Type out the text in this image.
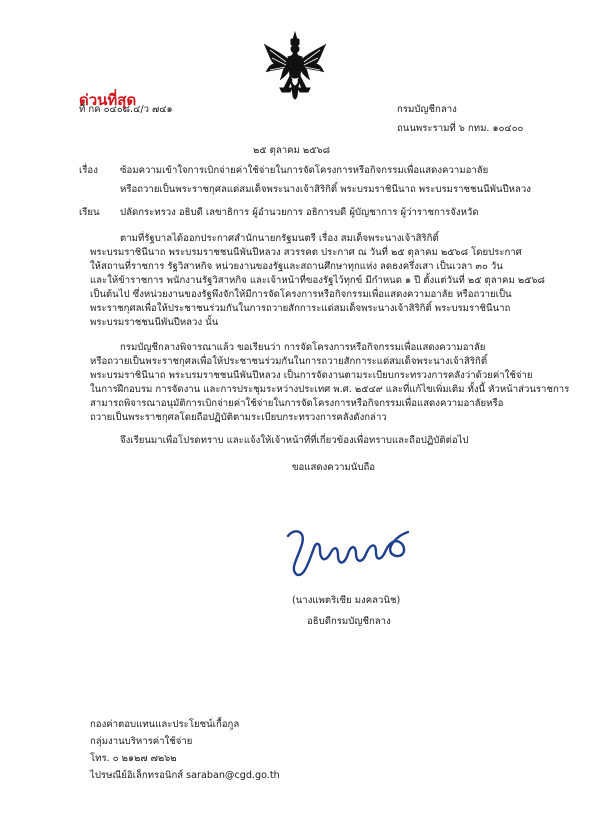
ด่วนที่สุด
ที่ กค ๐๔๐๘.๔/ว ๗๔๑	กรมบัญชีกลาง
ถนนพระรามที่ ๖ กทม. ๑๐๔๐๐
๒๕ ตุลาคม ๒๕๖๘
เรื่อง ซ้อมความเข้าใจการเบิกจ่ายค่าใช้จ่ายในการจัดโครงการหรือกิจกรรมเพื่อแสดงความอาลัย
หรือถวายเป็นพระราชกุศลแด่สมเด็จพระนางเจ้าสิริกิติ์ พระบรมราชินีนาถ พระบรมราชชนนีพันปีหลวง
เรียน ปลัดกระทรวง อธิบดี เลขาธิการ ผู้อำนวยการ อธิการบดี ผู้บัญชาการ ผู้ว่าราชการจังหวัด
ตามที่รัฐบาลได้ออกประกาศสำนักนายกรัฐมนตรี เรื่อง สมเด็จพระนางเจ้าสิริกิติ์
พระบรมราชินีนาถ พระบรมราชชนนีพันปีหลวง สวรรคต ประกาศ ณ วันที่ ๒๕ ตุลาคม ๒๕๖๘ โดยประกาศ
ให้สถานที่ราชการ รัฐวิสาหกิจ หน่วยงานของรัฐและสถานศึกษาทุกแห่ง ลดธงครึ่งเสา เป็นเวลา ๓๐ วัน
และให้ข้าราชการ พนักงานรัฐวิสาหกิจ และเจ้าหน้าที่ของรัฐไว้ทุกข์ มีกำหนด ๑ ปี ตั้งแต่วันที่ ๒๕ ตุลาคม ๒๕๖๘
เป็นต้นไป ซึ่งหน่วยงานของรัฐพึงจักให้มีการจัดโครงการหรือกิจกรรมเพื่อแสดงความอาลัย หรือถวายเป็น
พระราชกุศลเพื่อให้ประชาชนร่วมกันในการถวายสักการะแด่สมเด็จพระนางเจ้าสิริกิติ์ พระบรมราชินีนาถ
พระบรมราชชนนีพันปีหลวง นั้น
กรมบัญชีกลางพิจารณาแล้ว ขอเรียนว่า การจัดโครงการหรือกิจกรรมเพื่อแสดงความอาลัย
หรือถวายเป็นพระราชกุศลเพื่อให้ประชาชนร่วมกันในการถวายสักการะแด่สมเด็จพระนางเจ้าสิริกิติ์
พระบรมราชินีนาถ พระบรมราชชนนีพันปีหลวง เป็นการจัดงานตามระเบียบกระทรวงการคลังว่าด้วยค่าใช้จ่าย
ในการฝึกอบรม การจัดงาน และการประชุมระหว่างประเทศ พ.ศ. ๒๕๔๙ และที่แก้ไขเพิ่มเติม ทั้งนี้ หัวหน้าส่วนราชการ
สามารถพิจารณาอนุมัติการเบิกจ่ายค่าใช้จ่ายในการจัดโครงการหรือกิจกรรมเพื่อแสดงความอาลัยหรือ
ถวายเป็นพระราชกุศลโดยถือปฏิบัติตามระเบียบกระทรวงการคลังดังกล่าว
จึงเรียนมาเพื่อโปรดทราบ และแจ้งให้เจ้าหน้าที่ที่เกี่ยวข้องเพื่อทราบและถือปฏิบัติต่อไป
ขอแสดงความนับถือ
(นางแพตริเซีย มงคลวนิช)
อธิบดีกรมบัญชีกลาง
กองค่าตอบแทนและประโยชน์เกื้อกูล
กลุ่มงานบริหารค่าใช้จ่าย
โทร. ๐ ๒๑๒๗ ๗๒๖๒
ไปรษณีย์อิเล็กทรอนิกส์ saraban@cgd.go.th
